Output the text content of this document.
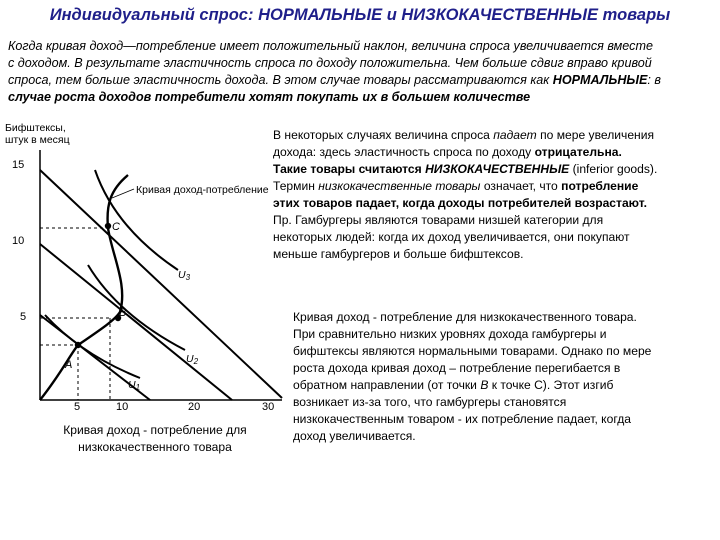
Индивидуальный спрос: НОРМАЛЬНЫЕ и НИЗКОКАЧЕСТВЕННЫЕ товары
Когда кривая доход—потребление имеет положительный наклон, величина спроса увеличивается вместе
с доходом. В результате эластичность спроса по доходу положительна. Чем больше сдвиг вправо кривой
спроса, тем больше эластичность дохода. В этом случае товары рассматриваются как НОРМАЛЬНЫЕ: в
случае роста доходов потребители хотят покупать их в большем количестве
Бифштексы,
штук в месяц
15
10
5
5	10	20	30
A
B
C
Кривая доход-потребление
U1
U2
U3
Кривая доход - потребление для
низкокачественного товара
В некоторых случаях величина спроса падает по мере увеличения
дохода: здесь эластичность спроса по доходу отрицательна.
Такие товары считаются НИЗКОКАЧЕСТВЕННЫЕ (inferior goods).
Термин низкокачественные товары означает, что потребление
этих товаров падает, когда доходы потребителей возрастают.
Пр. Гамбургеры являются товарами низшей категории для
некоторых людей: когда их доход увеличивается, они покупают
меньше гамбургеров и больше бифштексов.
Кривая доход - потребление для низкокачественного товара.
При сравнительно низких уровнях дохода гамбургеры и
бифштексы являются нормальными товарами. Однако по мере
роста дохода кривая доход – потребление перегибается в
обратном направлении (от точки B к точке С). Этот изгиб
возникает из-за того, что гамбургеры становятся
низкокачественным товаром - их потребление падает, когда
доход увеличивается.
